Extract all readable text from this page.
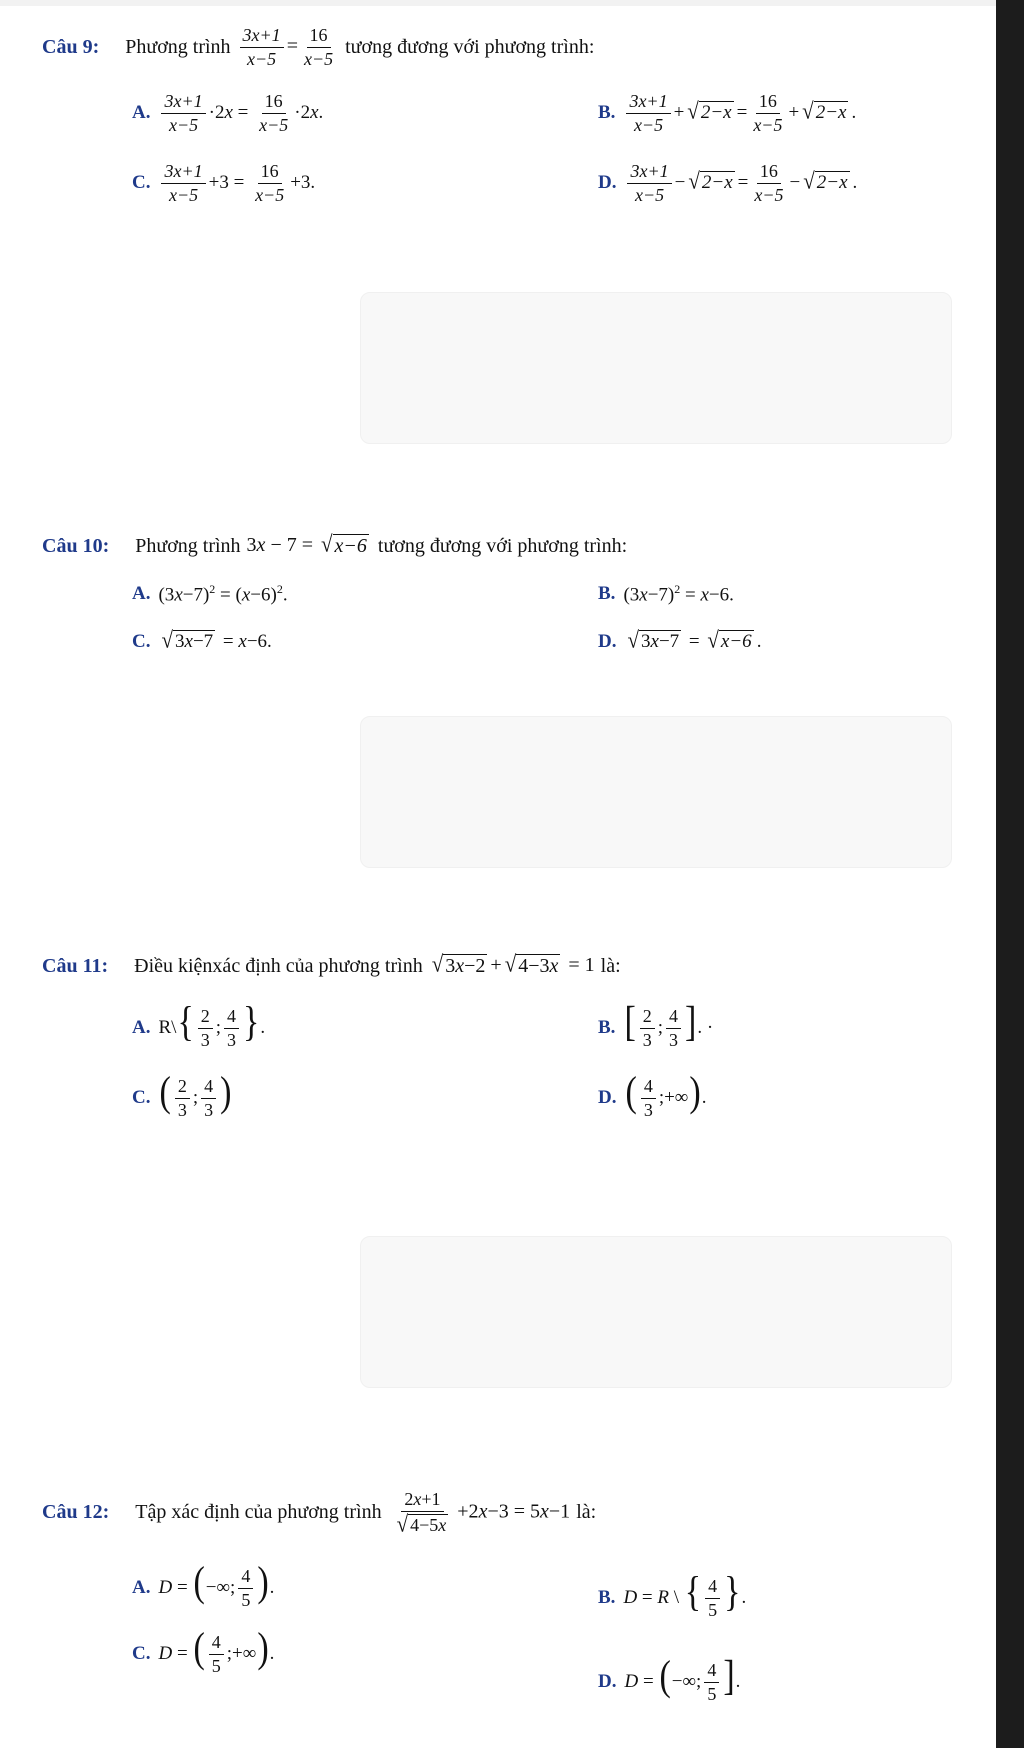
Câu 9: Phương trình $\frac{3x+1}{x-5} = \frac{16}{x-5}$ tương đương với phương trình:
A. $\frac{3x+1}{x-5} \cdot 2x = \frac{16}{x-5} \cdot 2x$.	B. $\frac{3x+1}{x-5}$ + √ $2-x = \frac{16}{x-5}$ + √ 2−x .
C. $\frac{3x+1}{x-5} +3 = \frac{16}{x-5} +3$.	D. $\frac{3x+1}{x-5}$ − √ $2-x = \frac{16}{x-5}$ − √ 2−x .
Câu 10: Phương trình 3x − 7 = √ x−6 tương đương với phương trình:
A. $(3x-7)^2 = (x-6)^2$.	B. $(3x-7)^2 = x-6$.
C. √ 3x−7 = x−6.	D. √ 3x−7 = √ x−6 .
Câu 11: Điều kiệnxác định của phương trình √ 3x−2 + √ 4−3x = 1 là:
A. R\{ $\frac{2}{3}$ ; $\frac{4}{3}$ }.	B. [ $\frac{2}{3}$ ; $\frac{4}{3}$ ]. ·
C. ( $\frac{2}{3}$ ; $\frac{4}{3}$ )	D. ( $\frac{4}{3}$ ;+∞).
Câu 12: Tập xác định của phương trình $\frac{2x+1}{√ 4-5x} +2x-3 = 5x-1$ là:
A. D = (−∞; $\frac{4}{5}$ ).	B. D = R \ { $\frac{4}{5}$ }.
C. D = ( $\frac{4}{5}$ ;+∞).
D. D = (−∞; $\frac{4}{5}$ ].
